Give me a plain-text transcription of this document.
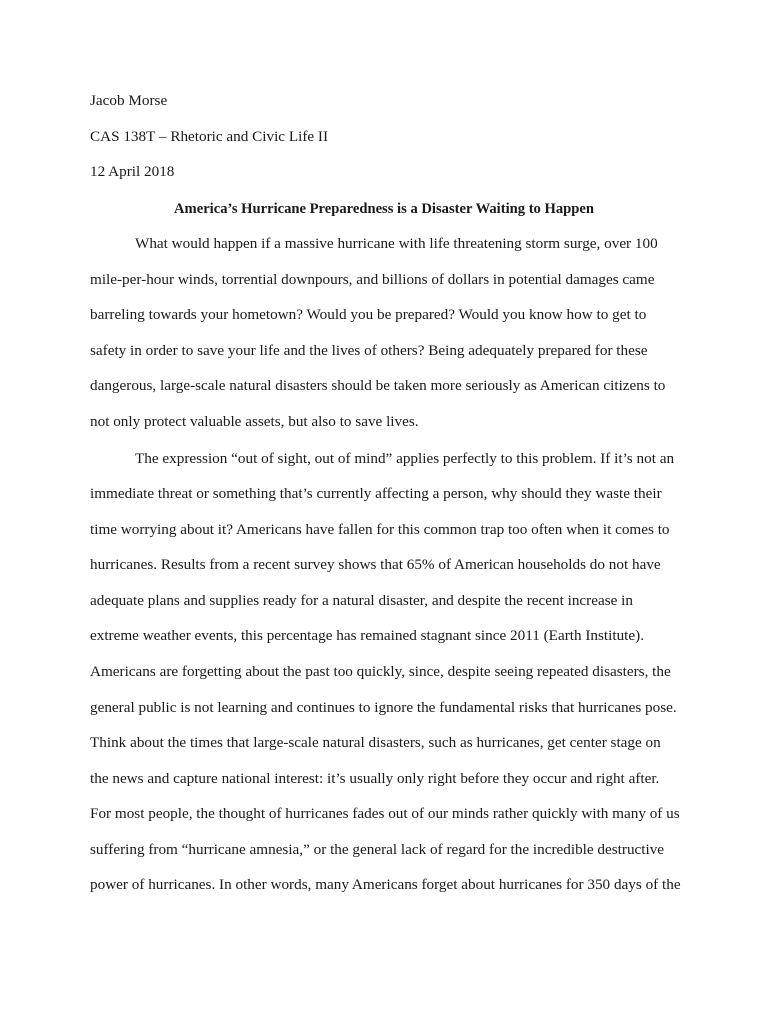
Jacob Morse
CAS 138T – Rhetoric and Civic Life II
12 April 2018
America’s Hurricane Preparedness is a Disaster Waiting to Happen
What would happen if a massive hurricane with life threatening storm surge, over 100
mile-per-hour winds, torrential downpours, and billions of dollars in potential damages came
barreling towards your hometown? Would you be prepared? Would you know how to get to
safety in order to save your life and the lives of others? Being adequately prepared for these
dangerous, large-scale natural disasters should be taken more seriously as American citizens to
not only protect valuable assets, but also to save lives.
The expression “out of sight, out of mind” applies perfectly to this problem. If it’s not an
immediate threat or something that’s currently affecting a person, why should they waste their
time worrying about it? Americans have fallen for this common trap too often when it comes to
hurricanes. Results from a recent survey shows that 65% of American households do not have
adequate plans and supplies ready for a natural disaster, and despite the recent increase in
extreme weather events, this percentage has remained stagnant since 2011 (Earth Institute).
Americans are forgetting about the past too quickly, since, despite seeing repeated disasters, the
general public is not learning and continues to ignore the fundamental risks that hurricanes pose.
Think about the times that large-scale natural disasters, such as hurricanes, get center stage on
the news and capture national interest: it’s usually only right before they occur and right after.
For most people, the thought of hurricanes fades out of our minds rather quickly with many of us
suffering from “hurricane amnesia,” or the general lack of regard for the incredible destructive
power of hurricanes. In other words, many Americans forget about hurricanes for 350 days of the
